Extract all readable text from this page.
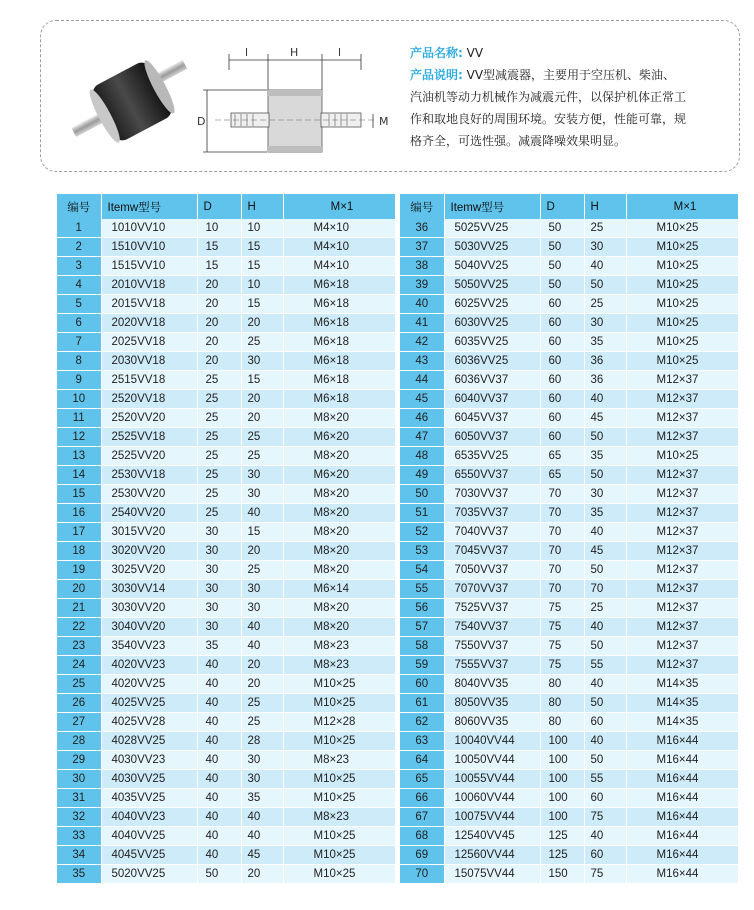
l	H	l
D	M
产品名称: VV
产品说明: VV型减震器，主要用于空压机、柴油、
汽油机等动力机械作为减震元件，以保护机体正常工
作和取地良好的周围环境。安装方便，性能可靠，规
格齐全，可选性强。减震降噪效果明显。
编号	Itemw型号	D	H	M×1
1	1010VV10	10	10	M4×10
2	1510VV10	15	15	M4×10
3	1515VV10	15	15	M4×10
4	2010VV18	20	10	M6×18
5	2015VV18	20	15	M6×18
6	2020VV18	20	20	M6×18
7	2025VV18	20	25	M6×18
8	2030VV18	20	30	M6×18
9	2515VV18	25	15	M6×18
10	2520VV18	25	20	M6×18
11	2520VV20	25	20	M8×20
12	2525VV18	25	25	M6×20
13	2525VV20	25	25	M8×20
14	2530VV18	25	30	M6×20
15	2530VV20	25	30	M8×20
16	2540VV20	25	40	M8×20
17	3015VV20	30	15	M8×20
18	3020VV20	30	20	M8×20
19	3025VV20	30	25	M8×20
20	3030VV14	30	30	M6×14
21	3030VV20	30	30	M8×20
22	3040VV20	30	40	M8×20
23	3540VV23	35	40	M8×23
24	4020VV23	40	20	M8×23
25	4020VV25	40	20	M10×25
26	4025VV25	40	25	M10×25
27	4025VV28	40	25	M12×28
28	4028VV25	40	28	M10×25
29	4030VV23	40	30	M8×23
30	4030VV25	40	30	M10×25
31	4035VV25	40	35	M10×25
32	4040VV23	40	40	M8×23
33	4040VV25	40	40	M10×25
34	4045VV25	40	45	M10×25
35	5020VV25	50	20	M10×25
编号	Itemw型号	D	H	M×1
36	5025VV25	50	25	M10×25
37	5030VV25	50	30	M10×25
38	5040VV25	50	40	M10×25
39	5050VV25	50	50	M10×25
40	6025VV25	60	25	M10×25
41	6030VV25	60	30	M10×25
42	6035VV25	60	35	M10×25
43	6036VV25	60	36	M10×25
44	6036VV37	60	36	M12×37
45	6040VV37	60	40	M12×37
46	6045VV37	60	45	M12×37
47	6050VV37	60	50	M12×37
48	6535VV25	65	35	M10×25
49	6550VV37	65	50	M12×37
50	7030VV37	70	30	M12×37
51	7035VV37	70	35	M12×37
52	7040VV37	70	40	M12×37
53	7045VV37	70	45	M12×37
54	7050VV37	70	50	M12×37
55	7070VV37	70	70	M12×37
56	7525VV37	75	25	M12×37
57	7540VV37	75	40	M12×37
58	7550VV37	75	50	M12×37
59	7555VV37	75	55	M12×37
60	8040VV35	80	40	M14×35
61	8050VV35	80	50	M14×35
62	8060VV35	80	60	M14×35
63	10040VV44	100	40	M16×44
64	10050VV44	100	50	M16×44
65	10055VV44	100	55	M16×44
66	10060VV44	100	60	M16×44
67	10075VV44	100	75	M16×44
68	12540VV45	125	40	M16×44
69	12560VV44	125	60	M16×44
70	15075VV44	150	75	M16×44
